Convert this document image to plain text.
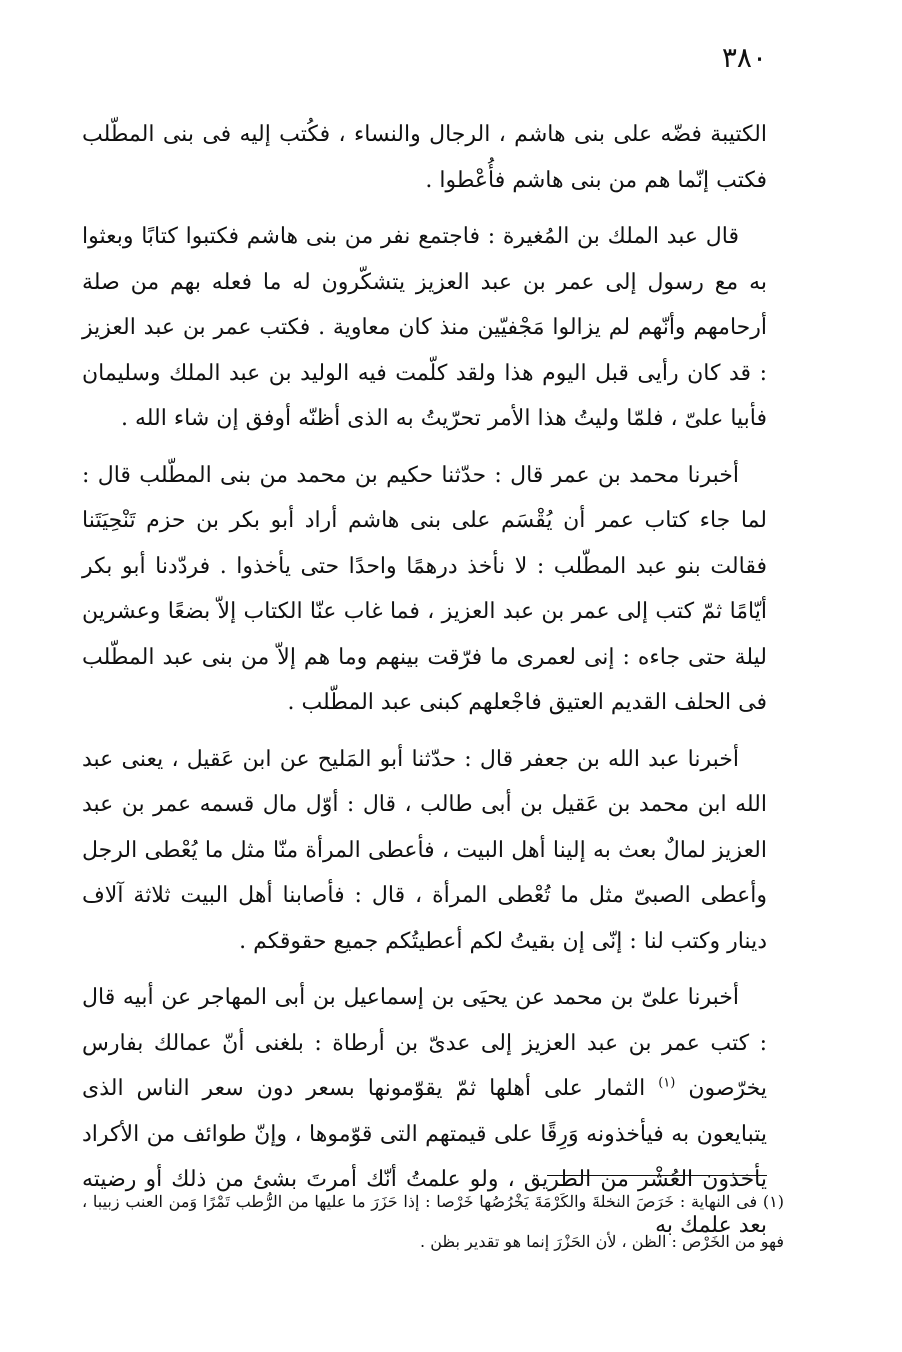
٣٨٠

الكتيبة فضّه على بنى هاشم ، الرجال والنساء ، فكُتب إليه فى بنى المطّلب فكتب إنّما هم من بنى هاشم فأُعْطوا .

قال عبد الملك بن المُغيرة : فاجتمع نفر من بنى هاشم فكتبوا كتابًا وبعثوا به مع رسول إلى عمر بن عبد العزيز يتشكّرون له ما فعله بهم من صلة أرحامهم وأنّهم لم يزالوا مَجْفيّين منذ كان معاوية . فكتب عمر بن عبد العزيز : قد كان رأيى قبل اليوم هذا ولقد كلّمت فيه الوليد بن عبد الملك وسليمان فأبيا علىّ ، فلمّا وليتُ هذا الأمر تحرّيتُ به الذى أظنّه أوفق إن شاء الله .

أخبرنا محمد بن عمر قال : حدّثنا حكيم بن محمد من بنى المطّلب قال : لما جاء كتاب عمر أن يُقْسَم على بنى هاشم أراد أبو بكر بن حزم تَنْحِيَتَنا فقالت بنو عبد المطّلب : لا نأخذ درهمًا واحدًا حتى يأخذوا . فردّدنا أبو بكر أيّامًا ثمّ كتب إلى عمر بن عبد العزيز ، فما غاب عنّا الكتاب إلاّ بضعًا وعشرين ليلة حتى جاءه : إنى لعمرى ما فرّقت بينهم وما هم إلاّ من بنى عبد المطّلب فى الحلف القديم العتيق فاجْعلهم كبنى عبد المطّلب .

أخبرنا عبد الله بن جعفر قال : حدّثنا أبو المَليح عن ابن عَقيل ، يعنى عبد الله ابن محمد بن عَقيل بن أبى طالب ، قال : أوّل مال قسمه عمر بن عبد العزيز لمالٌ بعث به إلينا أهل البيت ، فأعطى المرأة منّا مثل ما يُعْطى الرجل وأعطى الصبىّ مثل ما تُعْطى المرأة ، قال : فأصابنا أهل البيت ثلاثة آلاف دينار وكتب لنا : إنّى إن بقيتُ لكم أعطيتُكم جميع حقوقكم .

أخبرنا علىّ بن محمد عن يحيَى بن إسماعيل بن أبى المهاجر عن أبيه قال : كتب عمر بن عبد العزيز إلى عدىّ بن أرطاة : بلغنى أنّ عمالك بفارس يخرّصون $^{(١)}$ الثمار على أهلها ثمّ يقوّمونها بسعر دون سعر الناس الذى يتبايعون به فيأخذونه وَرِقًا على قيمتهم التى قوّموها ، وإنّ طوائف من الأكراد يأخذون العُشْر من الطريق ، ولو علمتُ أنّك أمرتَ بشئ من ذلك أو رضيته بعد علمك به

(١) فى النهاية : خَرَصَ النخلةَ والكَرْمَةَ يَخْرُصُها خَرْصا : إذا حَزَرَ ما عليها من الرُّطب تَمْرًا وَمن العنب زبيبا ، فهو من الخَرْص : الظن ، لأن الحَزْرَ إنما هو تقدير بظن .
